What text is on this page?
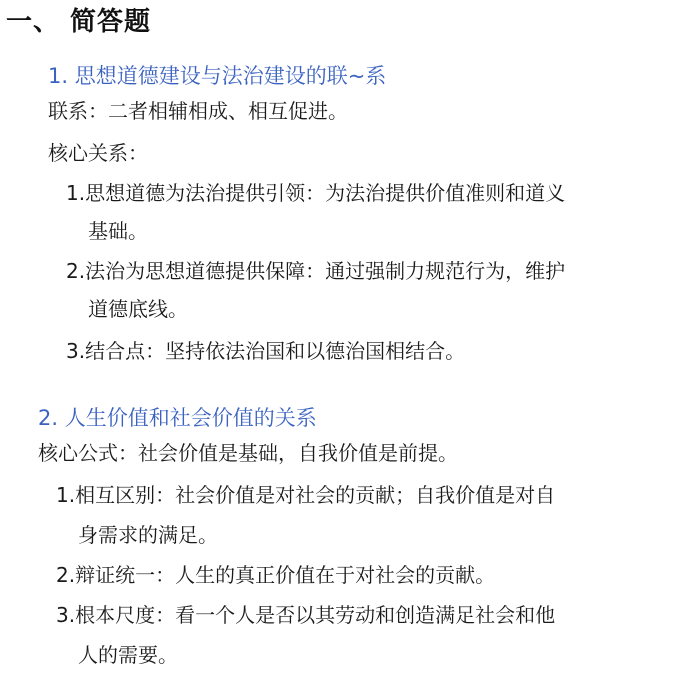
一、 简答题
1. 思想道德建设与法治建设的联~系
联系：二者相辅相成、相互促进。
核心关系：
1.思想道德为法治提供引领：为法治提供价值准则和道义
基础。
2.法治为思想道德提供保障：通过强制力规范行为，维护
道德底线。
3.结合点：坚持依法治国和以德治国相结合。
2. 人生价值和社会价值的关系
核心公式：社会价值是基础，自我价值是前提。
1.相互区别：社会价值是对社会的贡献；自我价值是对自
身需求的满足。
2.辩证统一：人生的真正价值在于对社会的贡献。
3.根本尺度：看一个人是否以其劳动和创造满足社会和他
人的需要。
